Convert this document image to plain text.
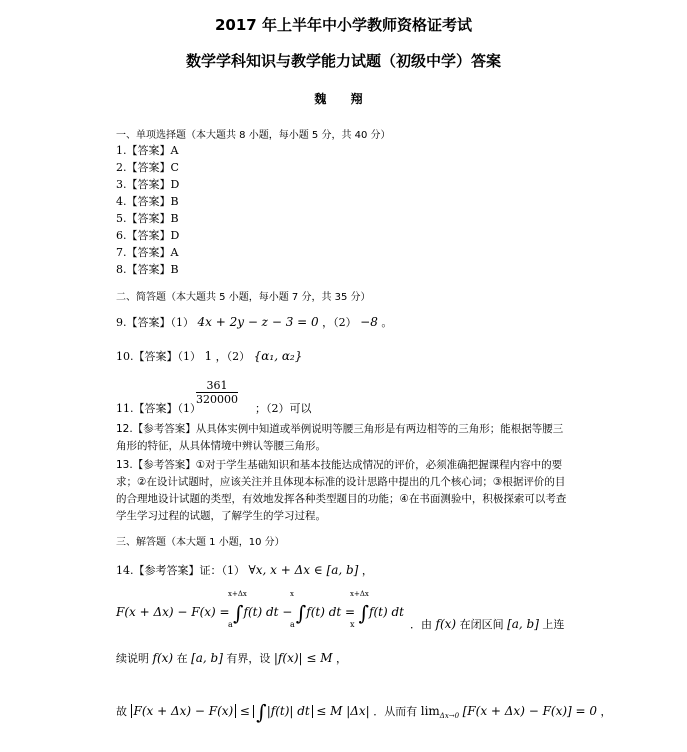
2017 年上半年中小学教师资格证考试
数学学科知识与教学能力试题（初级中学）答案
魏 翔
一、单项选择题（本大题共 8 小题，每小题 5 分，共 40 分）
1.【答案】A
2.【答案】C
3.【答案】D
4.【答案】B
5.【答案】B
6.【答案】D
7.【答案】A
8.【答案】B
二、简答题（本大题共 5 小题，每小题 7 分，共 35 分）
9.【答案】（1） 4x + 2y − z − 3 = 0 ，（2） −8 。
10.【答案】（1） 1 ，（2） {α₁, α₂}
11.【答案】（1）	；（2）可以
$\frac{361}{320000}$
12.【参考答案】从具体实例中知道或举例说明等腰三角形是有两边相等的三角形；能根据等腰三角形的特征，从具体情境中辨认等腰三角形。
13.【参考答案】①对于学生基础知识和基本技能达成情况的评价，必须准确把握课程内容中的要求；②在设计试题时，应该关注并且体现本标准的设计思路中提出的几个核心词；③根据评价的目的合理地设计试题的类型，有效地发挥各种类型题目的功能；④在书面测验中，积极探索可以考查学生学习过程的试题，了解学生的学习过程。
三、解答题（本大题 1 小题，10 分）
14.【参考答案】证：（1） ∀x, x + Δx ∈ [a, b] ，
F(x + Δx) − F(x) = ∫f(t) dt − ∫f(t) dt = ∫f(t) dt
x+Δx
a
x
a
x+Δx
x	．由 f(x) 在闭区间 [a, b] 上连
续说明 f(x) 在 [a, b] 有界，设 |f(x)| ≤ M ，
故 F(x + Δx) − F(x) ≤ ∫|f(t)| dt ≤ M |Δx| ．从而有 $\lim_{\Delta x\to 0} [F(x + \Delta x) - F(x)] = 0$ ，
